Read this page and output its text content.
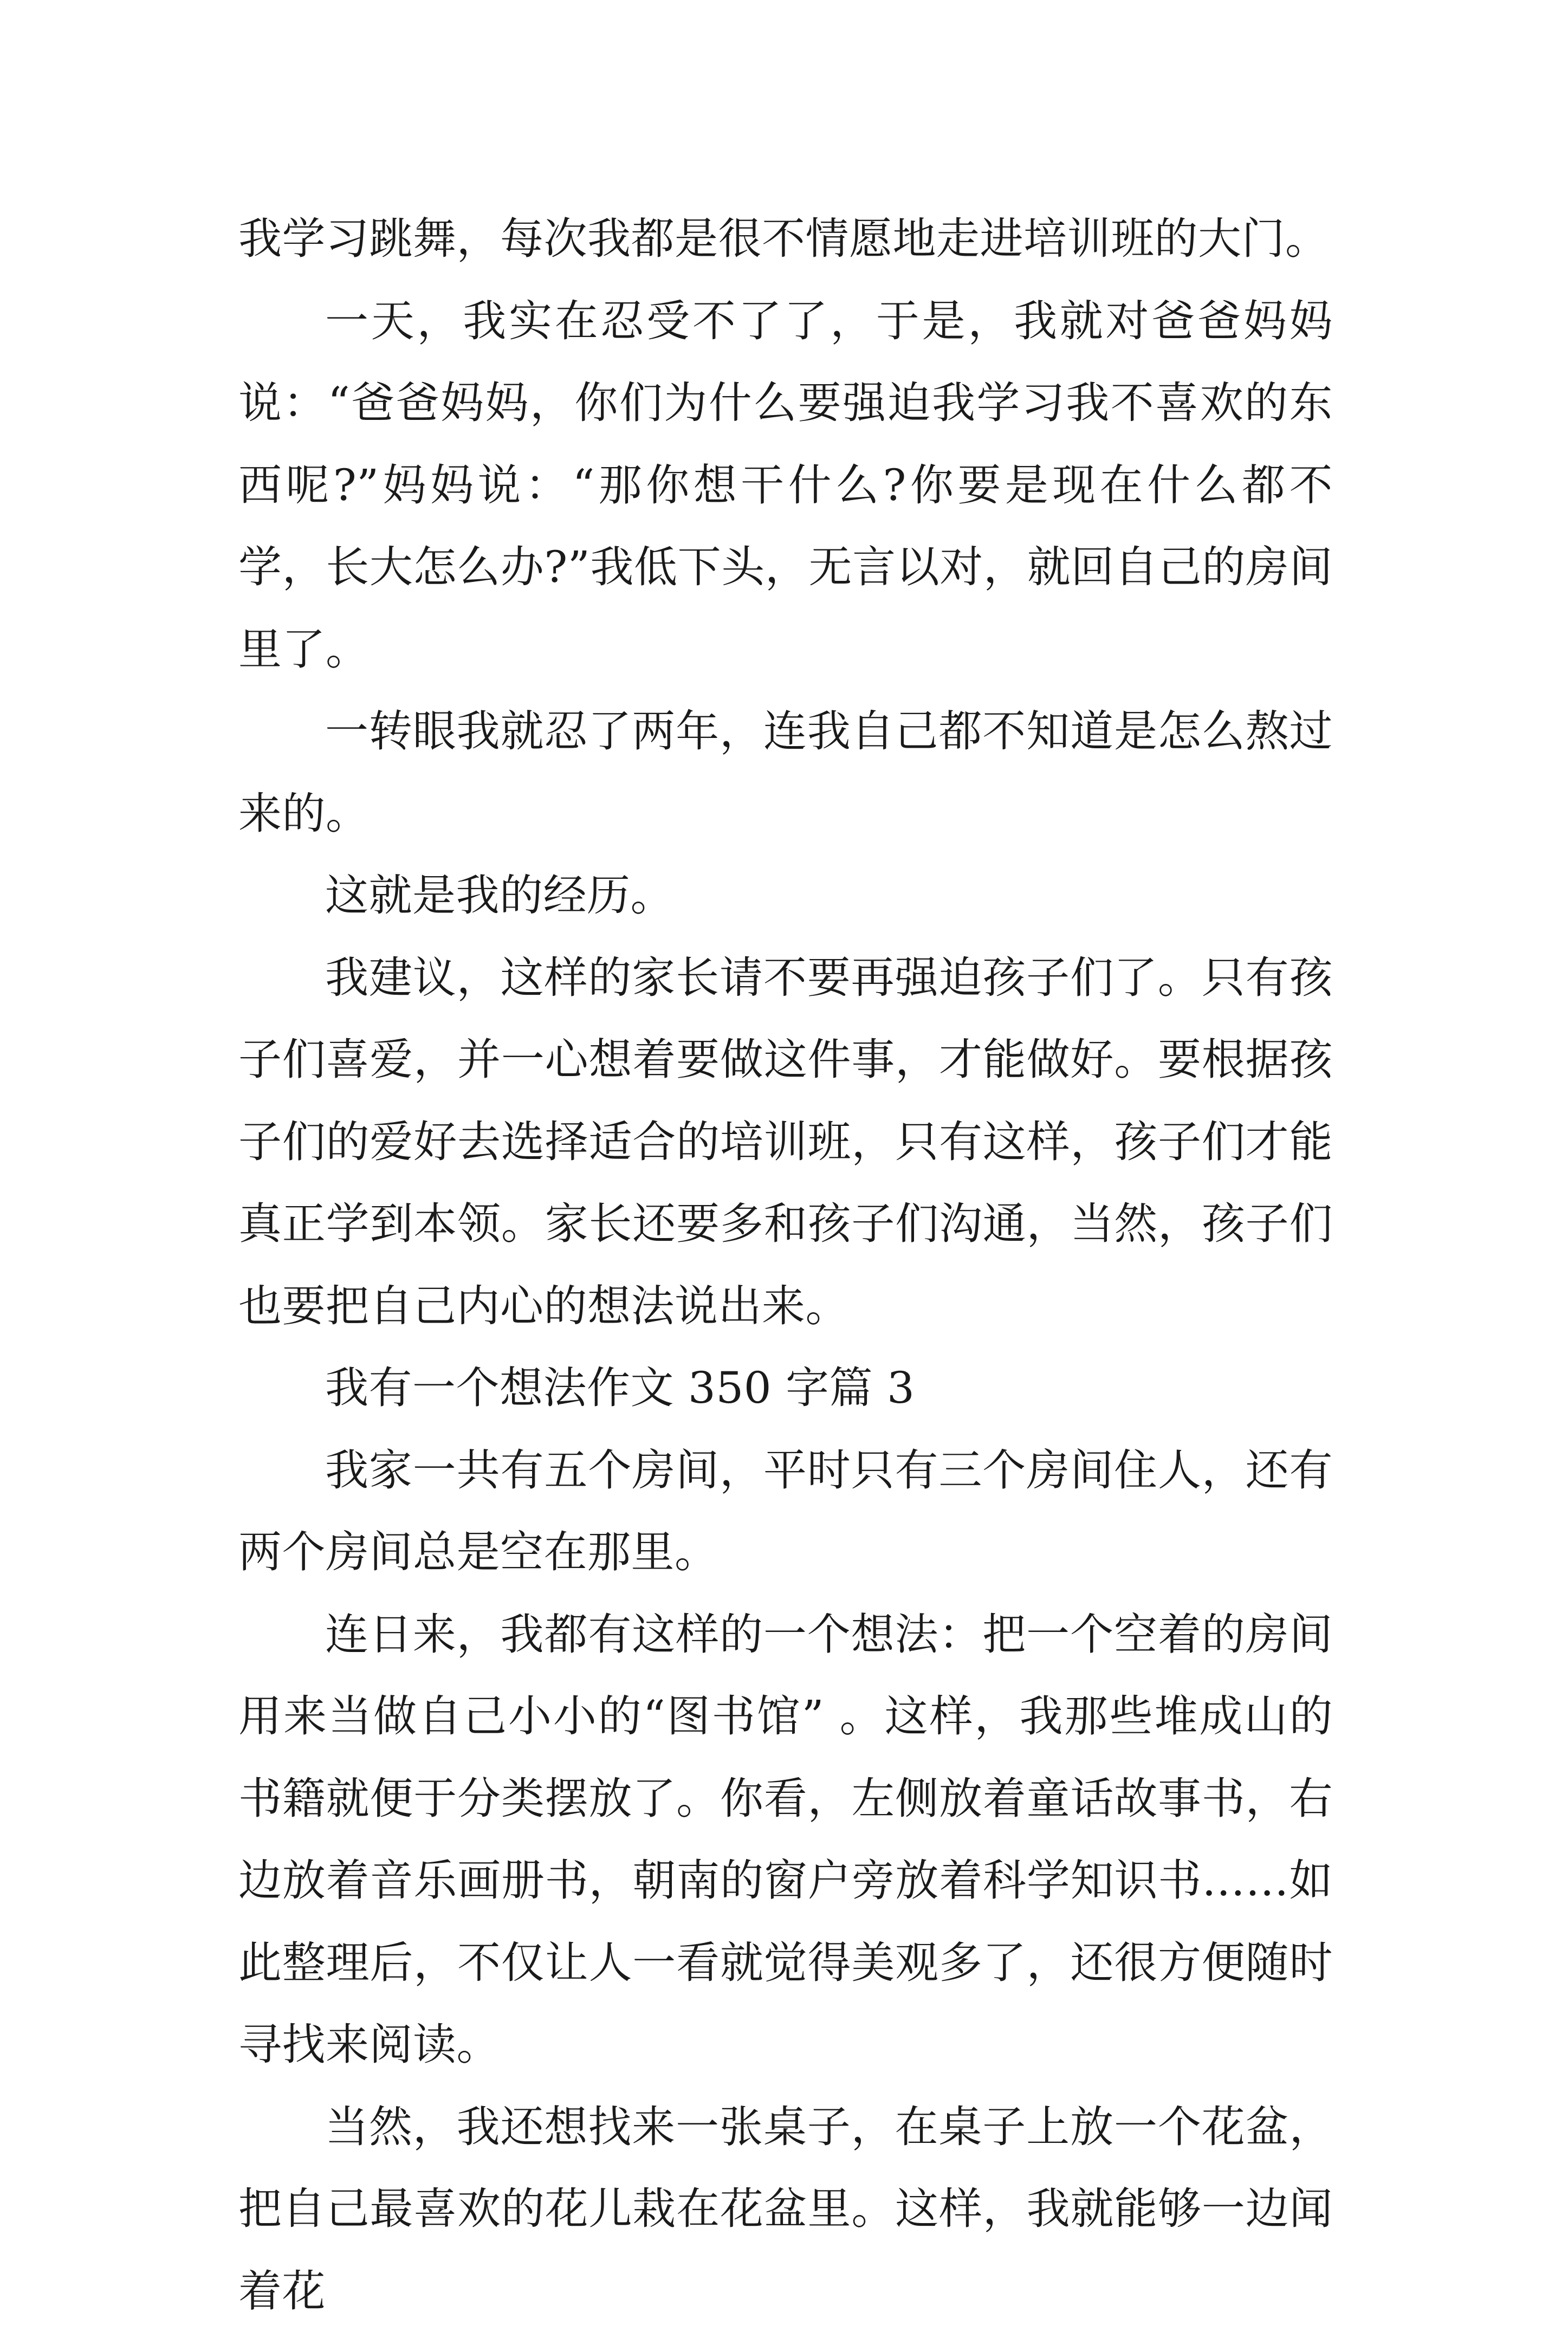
我学习跳舞，每次我都是很不情愿地走进培训班的大门。

一天，我实在忍受不了了，于是，我就对爸爸妈妈说：“爸爸妈妈，你们为什么要强迫我学习我不喜欢的东西呢?”妈妈说：“那你想干什么?你要是现在什么都不学，长大怎么办?”我低下头，无言以对，就回自己的房间里了。

一转眼我就忍了两年，连我自己都不知道是怎么熬过来的。

这就是我的经历。

我建议，这样的家长请不要再强迫孩子们了。只有孩子们喜爱，并一心想着要做这件事，才能做好。要根据孩子们的爱好去选择适合的培训班，只有这样，孩子们才能真正学到本领。家长还要多和孩子们沟通，当然，孩子们也要把自己内心的想法说出来。

我有一个想法作文 350 字篇 3

我家一共有五个房间，平时只有三个房间住人，还有两个房间总是空在那里。

连日来，我都有这样的一个想法：把一个空着的房间用来当做自己小小的“图书馆” 。这样，我那些堆成山的书籍就便于分类摆放了。你看，左侧放着童话故事书，右边放着音乐画册书，朝南的窗户旁放着科学知识书……如此整理后，不仅让人一看就觉得美观多了，还很方便随时寻找来阅读。

当然，我还想找来一张桌子，在桌子上放一个花盆，把自己最喜欢的花儿栽在花盆里。这样，我就能够一边闻着花
